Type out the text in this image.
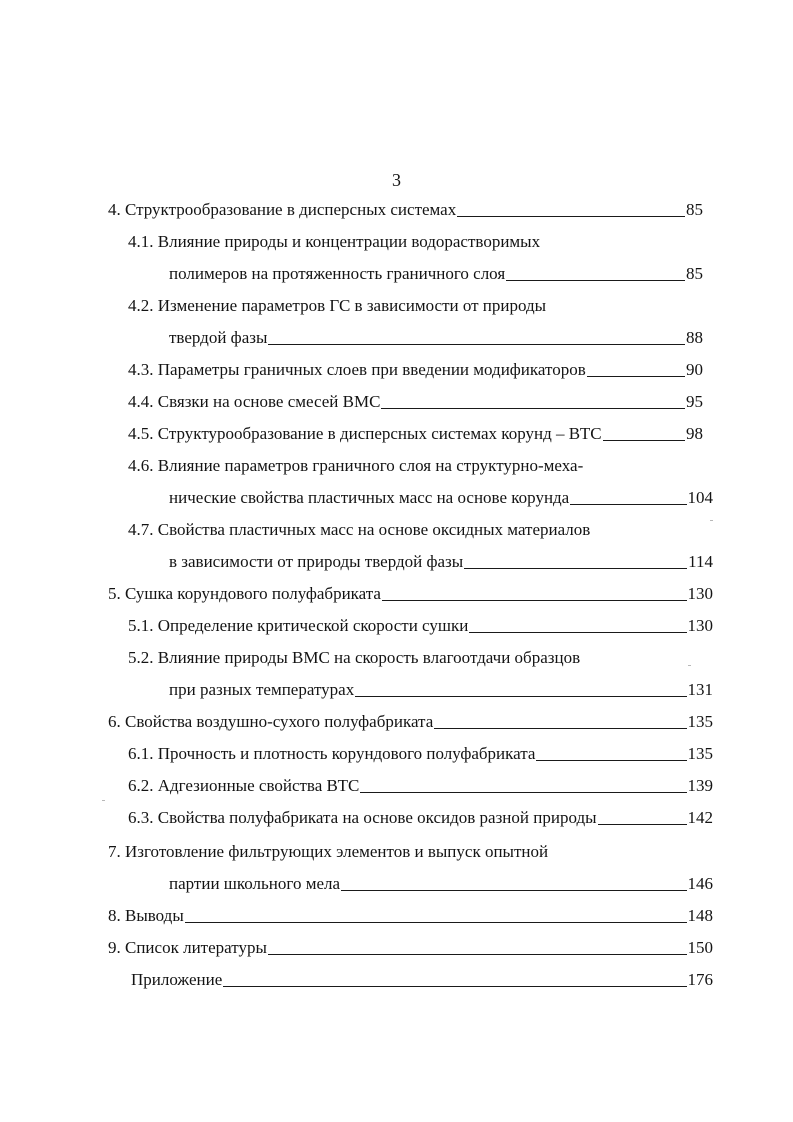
3
4. Структрообразование в дисперсных системах	85
4.1. Влияние природы и концентрации водорастворимых
полимеров на протяженность граничного слоя	85
4.2. Изменение параметров ГС в зависимости от природы
твердой фазы	88
4.3. Параметры граничных слоев при введении модификаторов	90
4.4. Связки на основе смесей ВМС	95
4.5. Структурообразование в дисперсных системах корунд – ВТС	98
4.6. Влияние параметров граничного слоя на структурно-меха-
нические свойства пластичных масс на основе корунда	104
4.7. Свойства пластичных масс на основе оксидных материалов
в зависимости от природы твердой фазы	114
5. Сушка корундового полуфабриката	130
5.1. Определение критической скорости сушки	130
5.2. Влияние природы ВМС на скорость влагоотдачи образцов
при разных температурах	131
6. Свойства воздушно-сухого полуфабриката	135
6.1. Прочность и плотность корундового полуфабриката	135
6.2. Адгезионные свойства ВТС	139
6.3. Свойства полуфабриката на основе оксидов разной природы	142
7. Изготовление фильтрующих элементов и выпуск опытной
партии школьного мела	146
8. Выводы	148
9. Список литературы	150
Приложение	176
